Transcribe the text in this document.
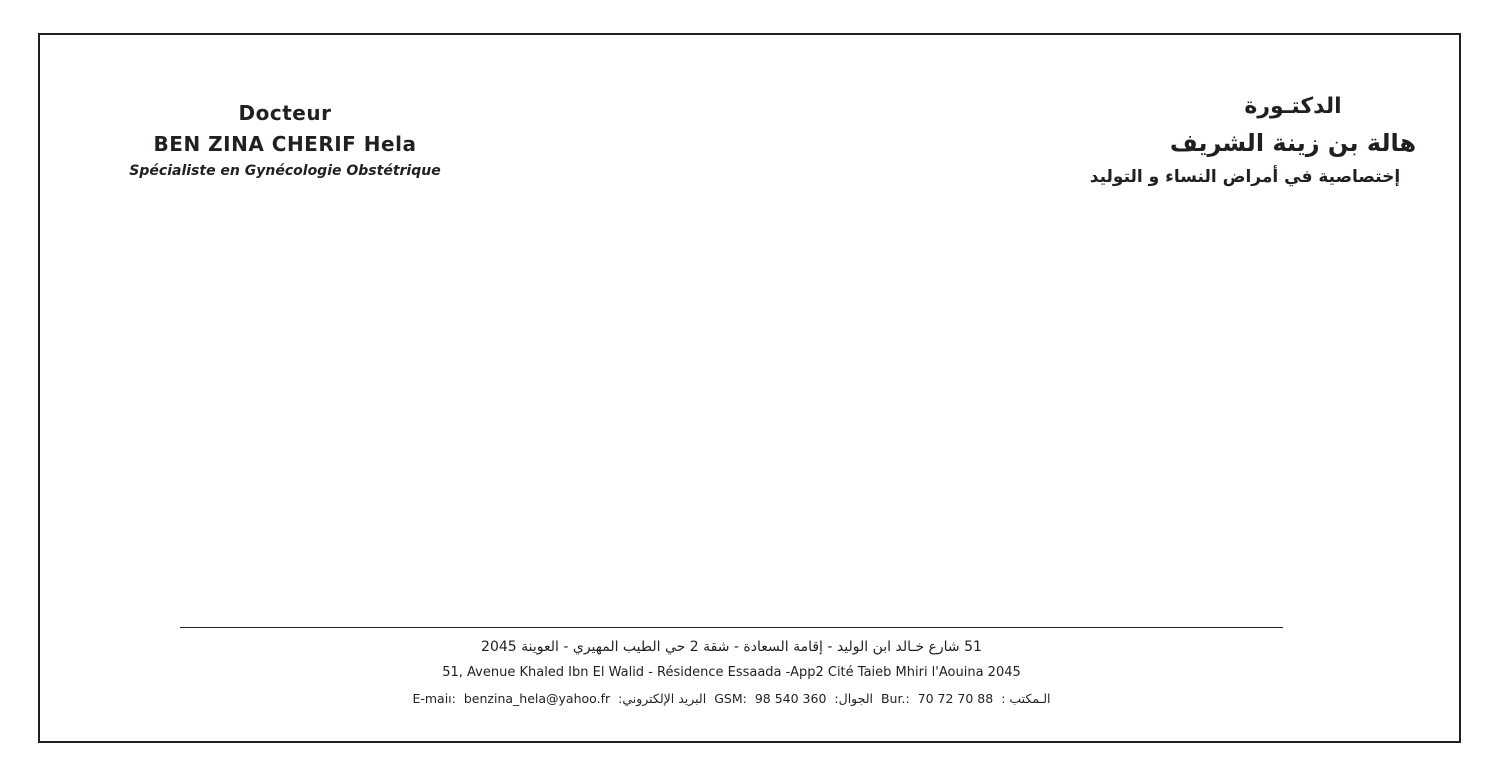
Docteur
BEN ZINA CHERIF Hela
Spécialiste en Gynécologie Obstétrique
الدكتـورة
هالة بن زينة الشريف
إختصاصية في أمراض النساء و التوليد
51 شارع خـالد ابن الوليد - إقامة السعادة - شقة 2 حي الطيب المهيري - العوينة 2045
51, Avenue Khaled Ibn El Walid - Résidence Essaada -App2 Cité Taieb Mhiri l'Aouina 2045
E-maiı: benzina_hela@yahoo.fr البريد الإلكتروني: GSM: 98 540 360 الجوال: Bur.: 70 72 70 88 الـمكتب :
